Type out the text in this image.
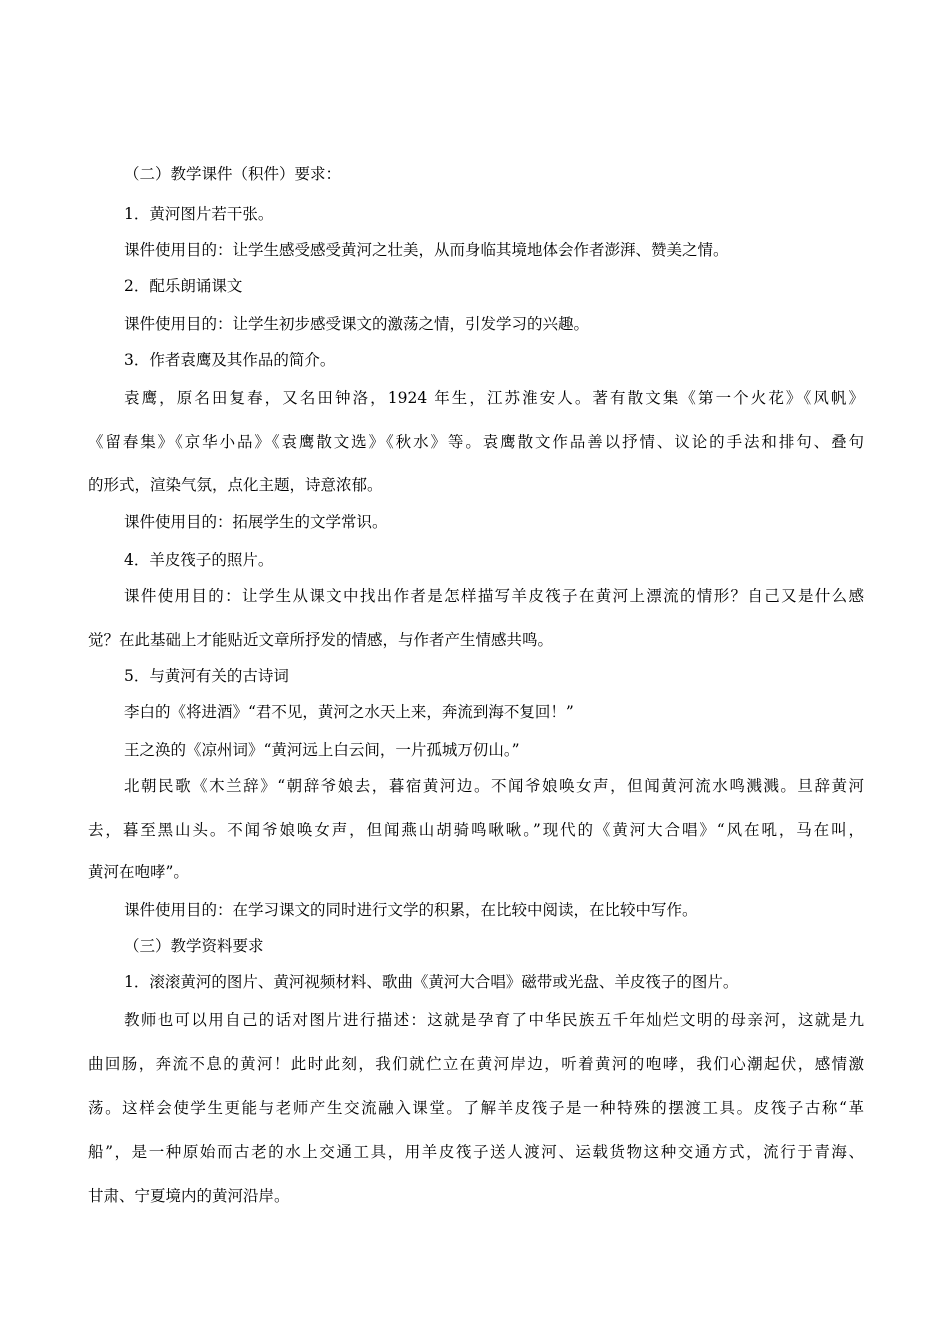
（二）教学课件（积件）要求：

1．黄河图片若干张。

课件使用目的：让学生感受感受黄河之壮美，从而身临其境地体会作者澎湃、赞美之情。

2．配乐朗诵课文

课件使用目的：让学生初步感受课文的激荡之情，引发学习的兴趣。

3．作者袁鹰及其作品的简介。

袁鹰，原名田复春，又名田钟洛，1924 年生，江苏淮安人。著有散文集《第一个火花》《风帆》

《留春集》《京华小品》《袁鹰散文选》《秋水》等。袁鹰散文作品善以抒情、议论的手法和排句、叠句

的形式，渲染气氛，点化主题，诗意浓郁。

课件使用目的：拓展学生的文学常识。

4．羊皮筏子的照片。

课件使用目的：让学生从课文中找出作者是怎样描写羊皮筏子在黄河上漂流的情形？自己又是什么感

觉？在此基础上才能贴近文章所抒发的情感，与作者产生情感共鸣。

5．与黄河有关的古诗词

李白的《将进酒》“君不见，黄河之水天上来，奔流到海不复回！”

王之涣的《凉州词》“黄河远上白云间，一片孤城万仞山。”

北朝民歌《木兰辞》“朝辞爷娘去，暮宿黄河边。不闻爷娘唤女声，但闻黄河流水鸣溅溅。旦辞黄河

去，暮至黑山头。不闻爷娘唤女声，但闻燕山胡骑鸣啾啾。”现代的《黄河大合唱》“风在吼，马在叫，

黄河在咆哮”。

课件使用目的：在学习课文的同时进行文学的积累，在比较中阅读，在比较中写作。

（三）教学资料要求

1．滚滚黄河的图片、黄河视频材料、歌曲《黄河大合唱》磁带或光盘、羊皮筏子的图片。

教师也可以用自己的话对图片进行描述：这就是孕育了中华民族五千年灿烂文明的母亲河，这就是九

曲回肠，奔流不息的黄河！此时此刻，我们就伫立在黄河岸边，听着黄河的咆哮，我们心潮起伏，感情激

荡。这样会使学生更能与老师产生交流融入课堂。了解羊皮筏子是一种特殊的摆渡工具。皮筏子古称“革

船”，是一种原始而古老的水上交通工具，用羊皮筏子送人渡河、运载货物这种交通方式，流行于青海、

甘肃、宁夏境内的黄河沿岸。
